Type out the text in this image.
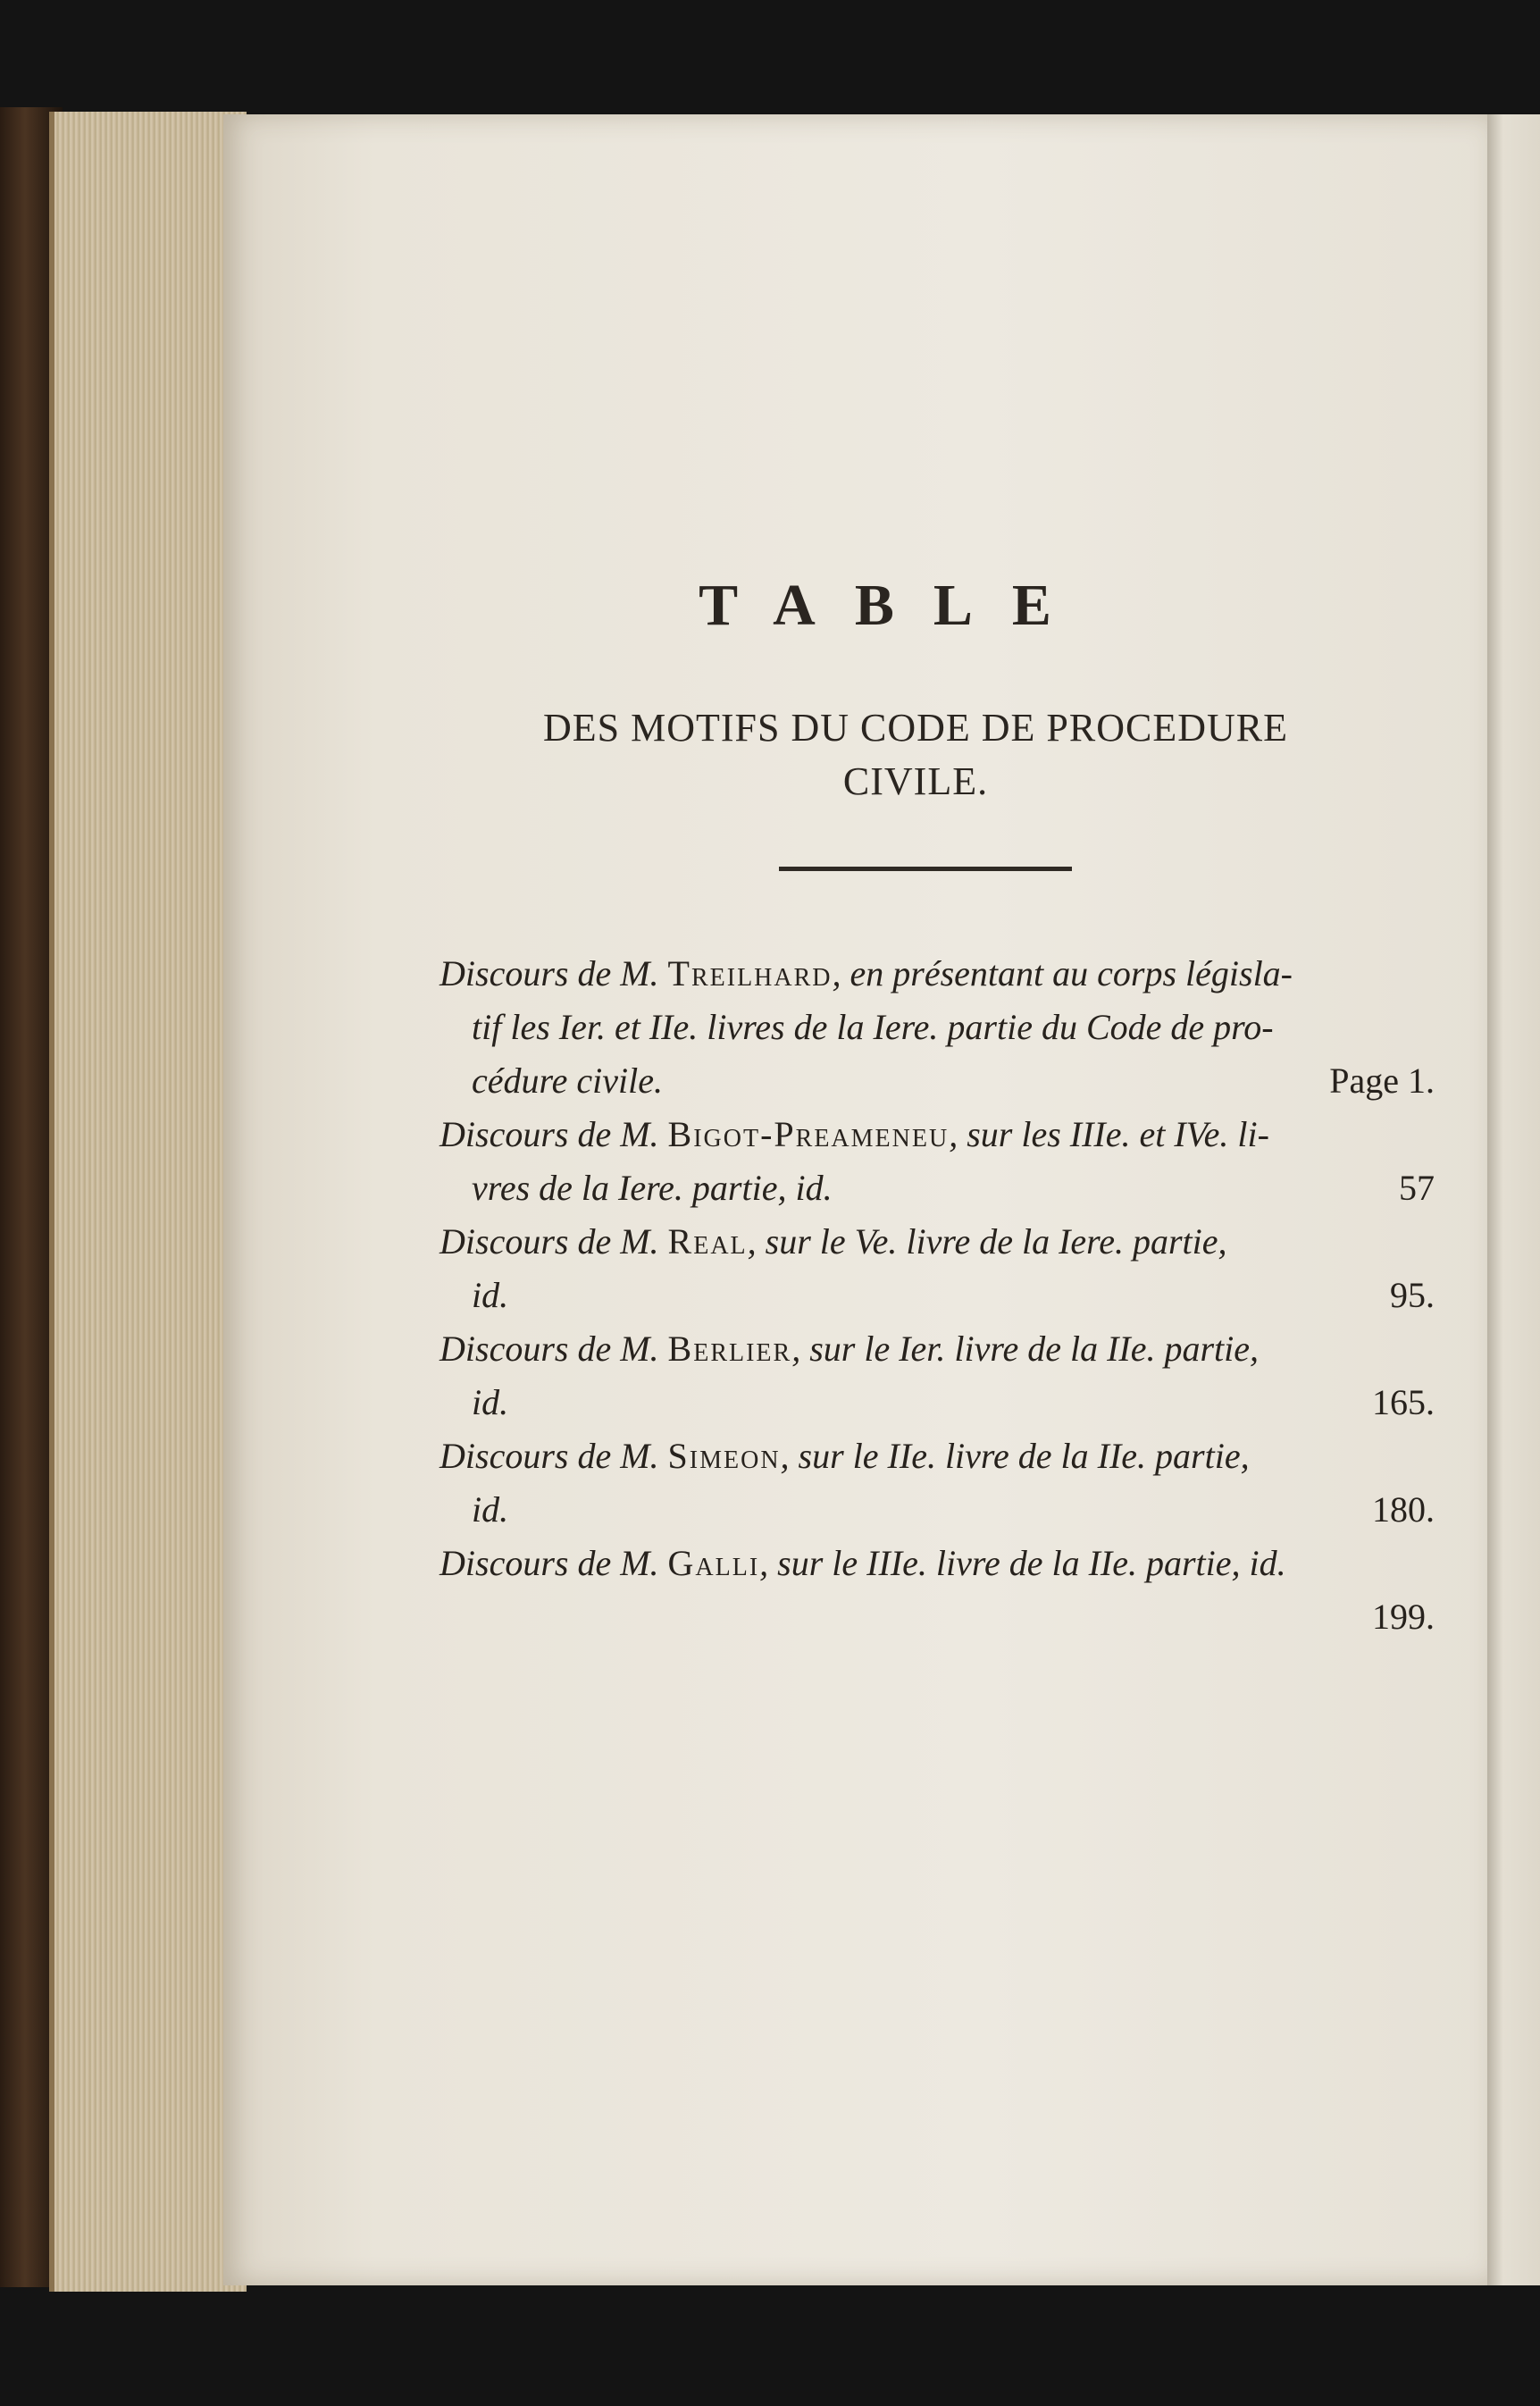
TABLE
DES MOTIFS DU CODE DE PROCEDURE
CIVILE.
Discours de M. Treilhard, en présentant au corps législa-
tif les Ier. et IIe. livres de la Iere. partie du Code de pro-
cédure civile.	Page 1.
Discours de M. Bigot-Preameneu, sur les IIIe. et IVe. li-
vres de la Iere. partie, id.	57
Discours de M. Real, sur le Ve. livre de la Iere. partie,
id.	95.
Discours de M. Berlier, sur le Ier. livre de la IIe. partie,
id.	165.
Discours de M. Simeon, sur le IIe. livre de la IIe. partie,
id.	180.
Discours de M. Galli, sur le IIIe. livre de la IIe. partie, id.
199.
